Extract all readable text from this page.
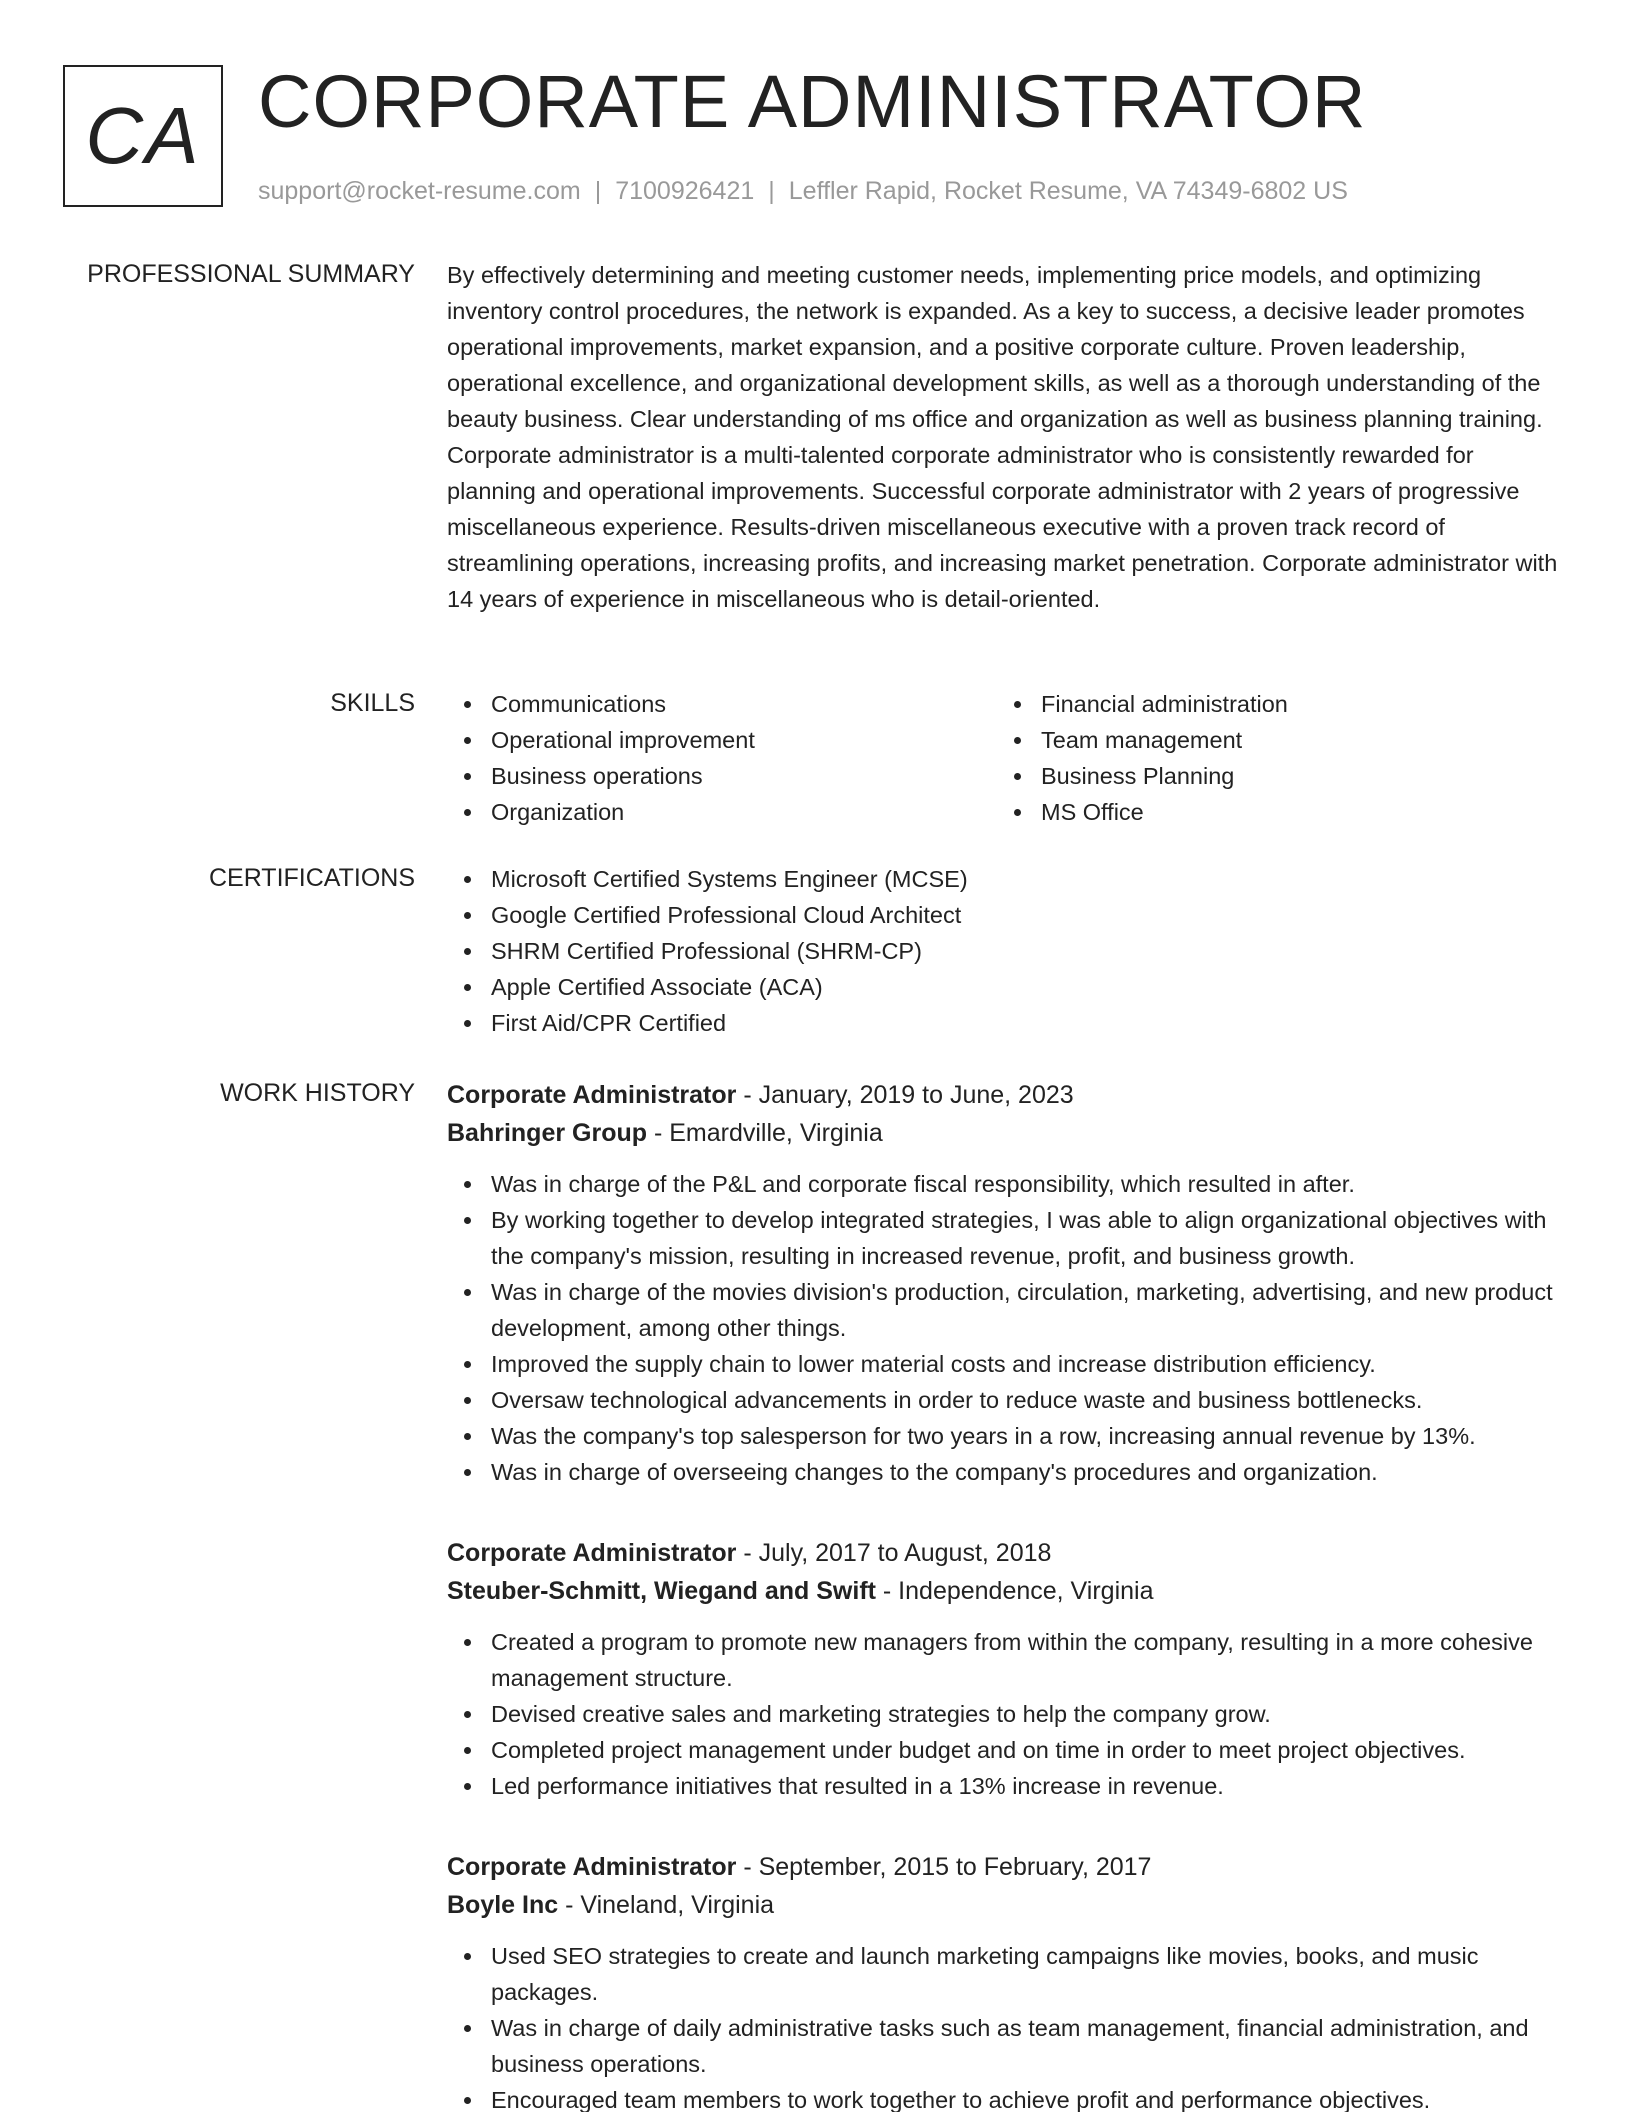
CA CORPORATE ADMINISTRATOR
support@rocket-resume.com | 7100926421 | Leffler Rapid, Rocket Resume, VA 74349-6802 US
PROFESSIONAL SUMMARY By effectively determining and meeting customer needs, implementing price models, and optimizing inventory control procedures, the network is expanded. As a key to success, a decisive leader promotes operational improvements, market expansion, and a positive corporate culture. Proven leadership, operational excellence, and organizational development skills, as well as a thorough understanding of the beauty business. Clear understanding of ms office and organization as well as business planning training. Corporate administrator is a multi-talented corporate administrator who is consistently rewarded for planning and operational improvements. Successful corporate administrator with 2 years of progressive miscellaneous experience. Results-driven miscellaneous executive with a proven track record of streamlining operations, increasing profits, and increasing market penetration. Corporate administrator with 14 years of experience in miscellaneous who is detail-oriented.

SKILLS	Communications
Operational improvement
Business operations
Organization
Financial administration
Team management
Business Planning
MS Office
CERTIFICATIONS	Microsoft Certified Systems Engineer (MCSE)
Google Certified Professional Cloud Architect
SHRM Certified Professional (SHRM-CP)
Apple Certified Associate (ACA)
First Aid/CPR Certified
WORK HISTORY Corporate Administrator - January, 2019 to June, 2023
Bahringer Group - Emardville, Virginia
Was in charge of the P&L and corporate fiscal responsibility, which resulted in after.
By working together to develop integrated strategies, I was able to align organizational objectives with the company's mission, resulting in increased revenue, profit, and business growth.
Was in charge of the movies division's production, circulation, marketing, advertising, and new product development, among other things.
Improved the supply chain to lower material costs and increase distribution efficiency.
Oversaw technological advancements in order to reduce waste and business bottlenecks.
Was the company's top salesperson for two years in a row, increasing annual revenue by 13%.
Was in charge of overseeing changes to the company's procedures and organization.
Corporate Administrator - July, 2017 to August, 2018
Steuber-Schmitt, Wiegand and Swift - Independence, Virginia
Created a program to promote new managers from within the company, resulting in a more cohesive management structure.
Devised creative sales and marketing strategies to help the company grow.
Completed project management under budget and on time in order to meet project objectives.
Led performance initiatives that resulted in a 13% increase in revenue.
Corporate Administrator - September, 2015 to February, 2017
Boyle Inc - Vineland, Virginia
Used SEO strategies to create and launch marketing campaigns like movies, books, and music packages.
Was in charge of daily administrative tasks such as team management, financial administration, and business operations.
Encouraged team members to work together to achieve profit and performance objectives.
